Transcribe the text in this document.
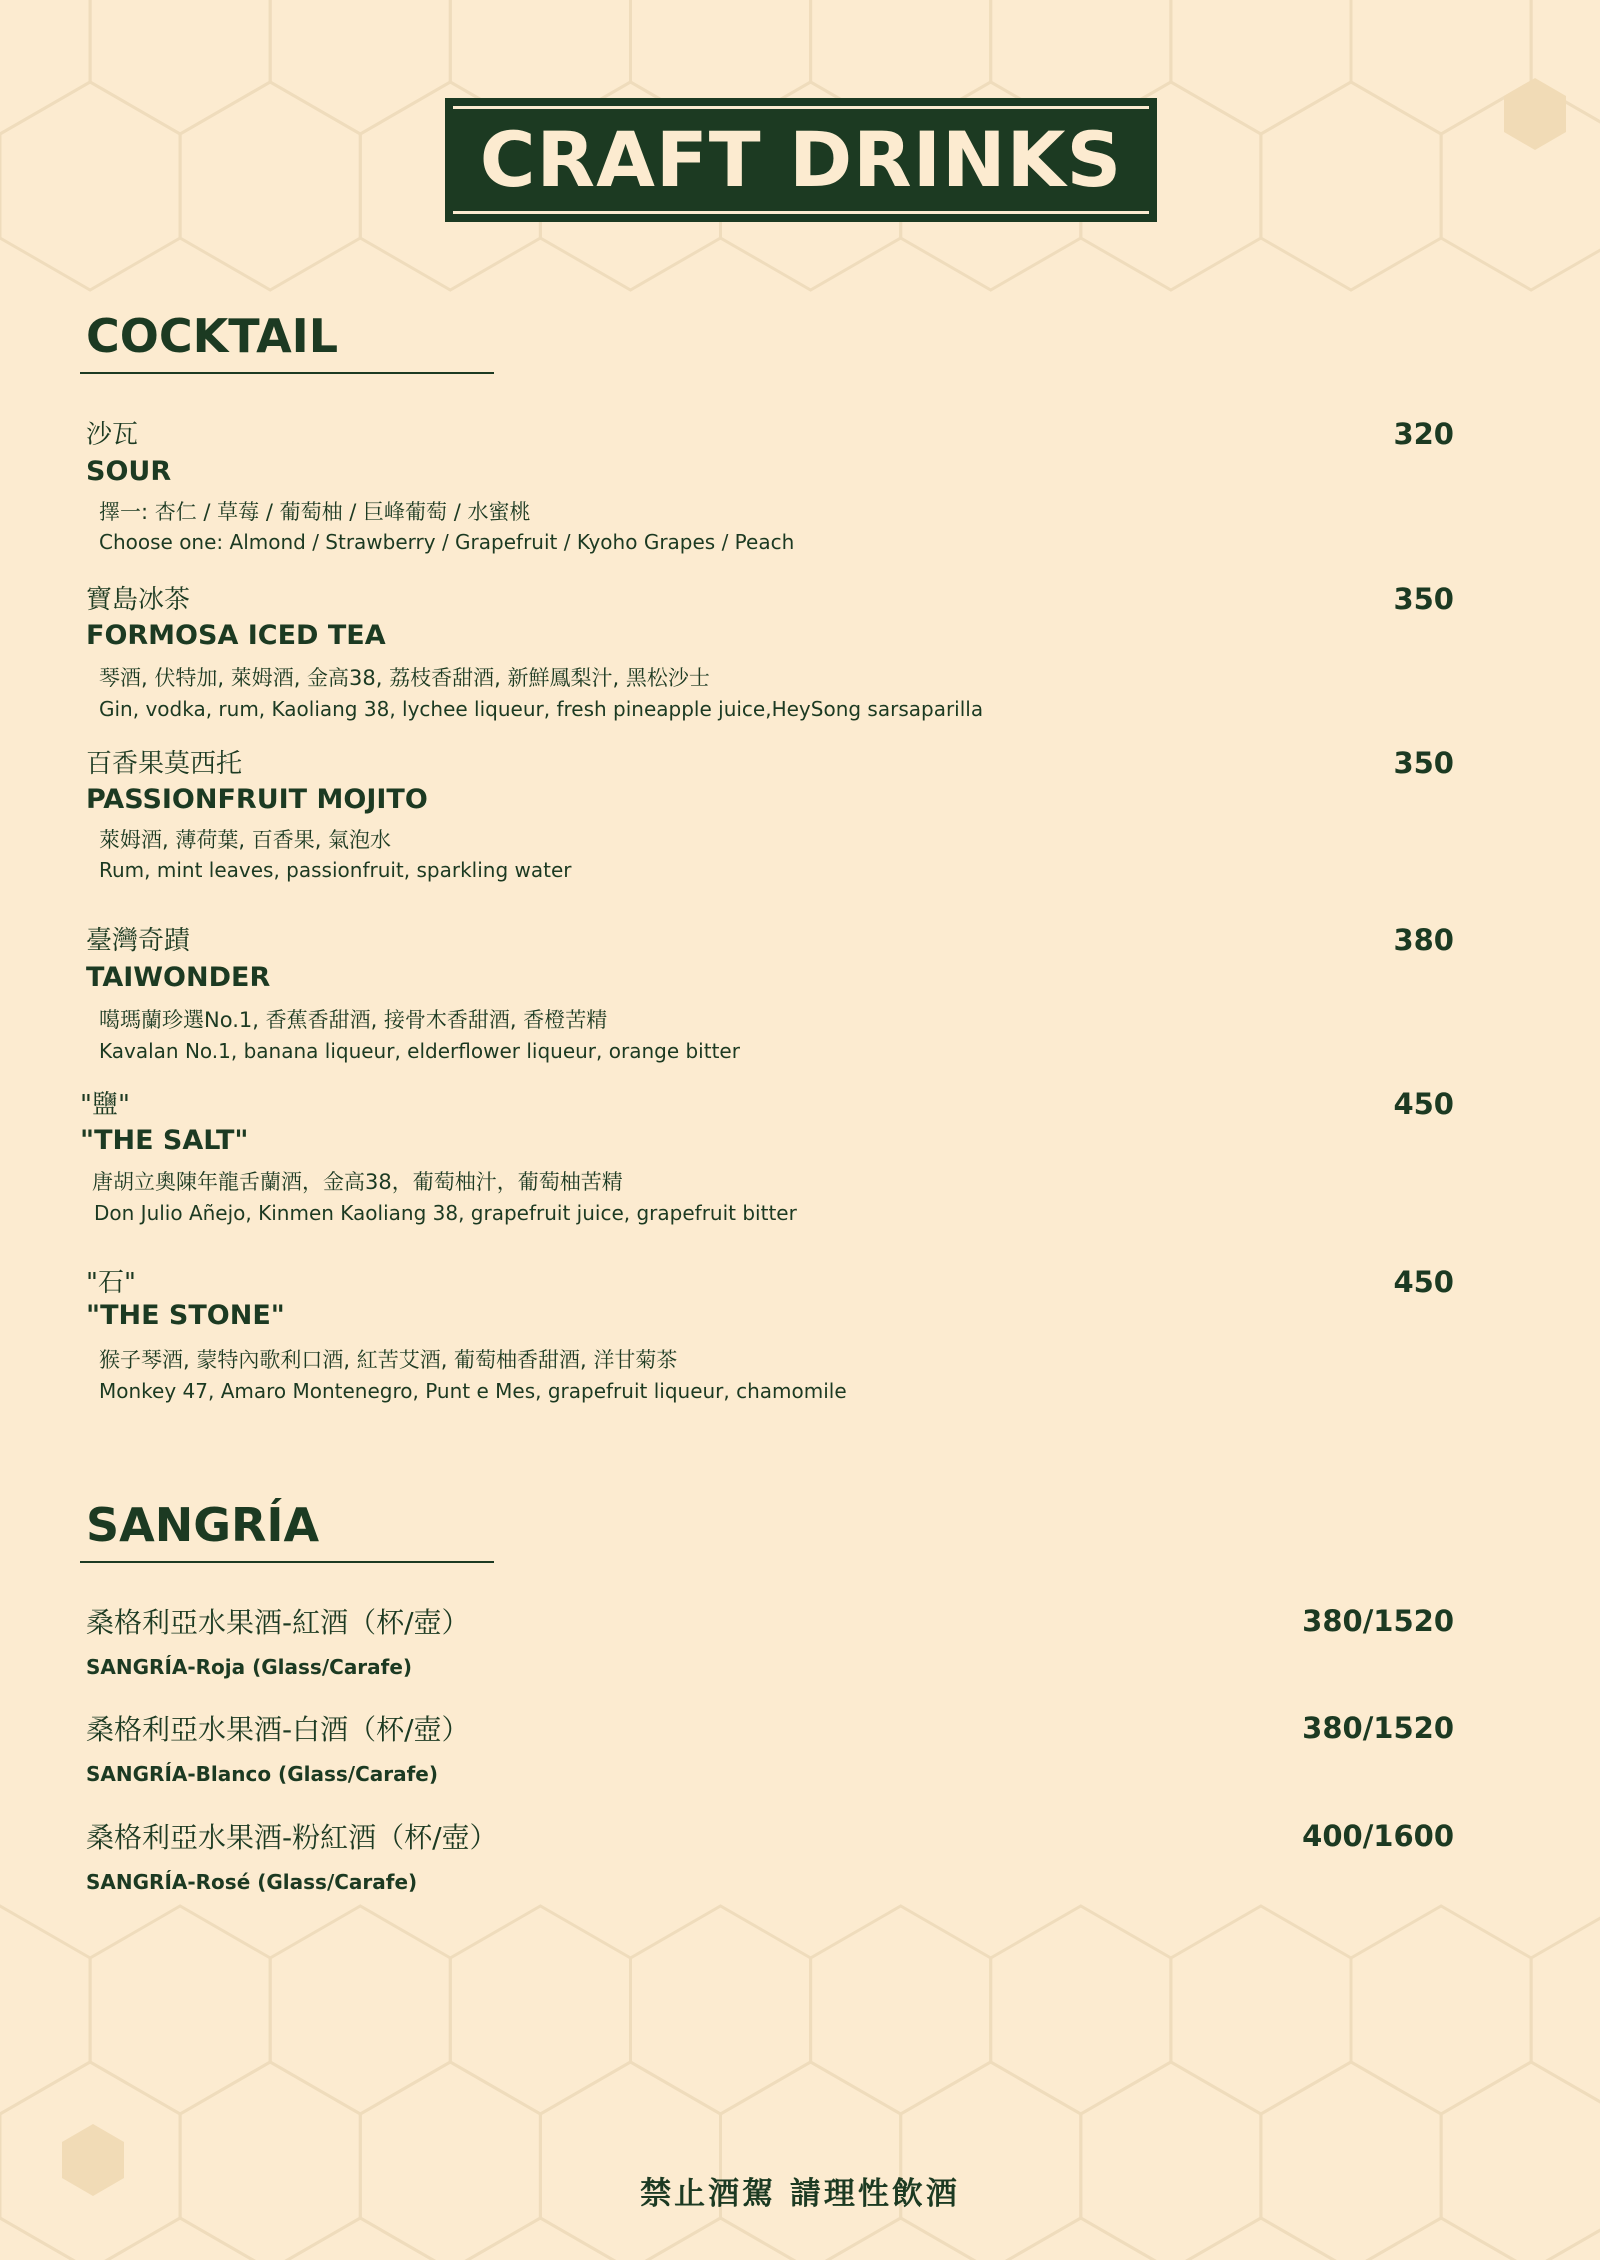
CRAFT DRINKS
COCKTAIL
沙瓦
SOUR
擇一: 杏仁 / 草莓 / 葡萄柚 / 巨峰葡萄 / 水蜜桃
Choose one: Almond / Strawberry / Grapefruit / Kyoho Grapes / Peach
320
寶島冰茶
FORMOSA ICED TEA
琴酒, 伏特加, 萊姆酒, 金高38, 荔枝香甜酒, 新鮮鳳梨汁, 黑松沙士
Gin, vodka, rum, Kaoliang 38, lychee liqueur, fresh pineapple juice,HeySong sarsaparilla
350
百香果莫西托
PASSIONFRUIT MOJITO
萊姆酒, 薄荷葉, 百香果, 氣泡水
Rum, mint leaves, passionfruit, sparkling water
350
臺灣奇蹟
TAIWONDER
噶瑪蘭珍選No.1, 香蕉香甜酒, 接骨木香甜酒, 香橙苦精
Kavalan No.1, banana liqueur, elderflower liqueur, orange bitter
380
"鹽"
"THE SALT"
唐胡立奧陳年龍舌蘭酒，金高38，葡萄柚汁，葡萄柚苦精
Don Julio Añejo, Kinmen Kaoliang 38, grapefruit juice, grapefruit bitter
450
"石"
"THE STONE"
猴子琴酒, 蒙特內歌利口酒, 紅苦艾酒, 葡萄柚香甜酒, 洋甘菊茶
Monkey 47, Amaro Montenegro, Punt e Mes, grapefruit liqueur, chamomile
450
SANGRÍA
桑格利亞水果酒-紅酒（杯/壺）
SANGRÍA-Roja (Glass/Carafe)
380/1520
桑格利亞水果酒-白酒（杯/壺）
SANGRÍA-Blanco (Glass/Carafe)
380/1520
桑格利亞水果酒-粉紅酒（杯/壺）
SANGRÍA-Rosé (Glass/Carafe)
400/1600
禁止酒駕 請理性飲酒
